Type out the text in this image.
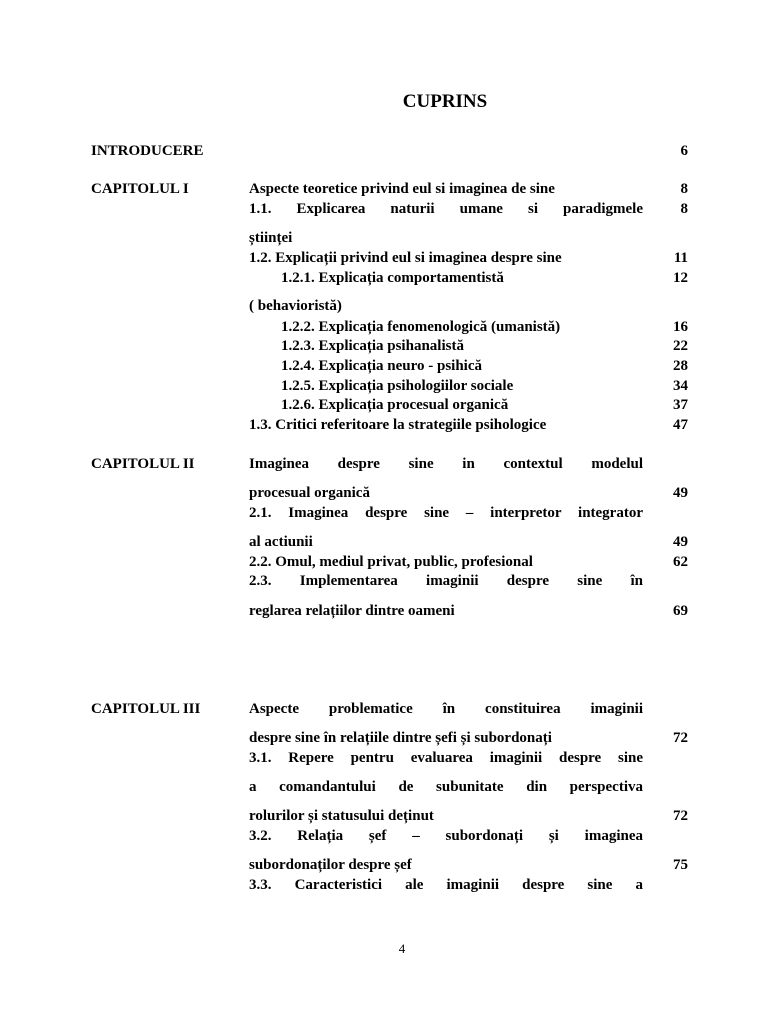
CUPRINS
INTRODUCERE	6
CAPITOLUL I	Aspecte teoretice privind eul si imaginea de sine	8
1.1. Explicarea naturii umane si paradigmele	8
științei
1.2. Explicații privind eul si imaginea despre sine	11
1.2.1. Explicația comportamentistă	12
( behavioristă)
1.2.2. Explicația fenomenologică (umanistă)	16
1.2.3. Explicația psihanalistă	22
1.2.4. Explicația neuro - psihică	28
1.2.5. Explicația psihologiilor sociale	34
1.2.6. Explicația procesual organică	37
1.3. Critici referitoare la strategiile psihologice	47
CAPITOLUL II	Imaginea despre sine in contextul modelul
procesual organică	49
2.1. Imaginea despre sine – interpretor integrator
al actiunii	49
2.2. Omul, mediul privat, public, profesional	62
2.3. Implementarea imaginii despre sine în
reglarea relațiilor dintre oameni	69
CAPITOLUL III	Aspecte problematice în constituirea imaginii
despre sine în relațiile dintre șefi și subordonați	72
3.1. Repere pentru evaluarea imaginii despre sine
a comandantului de subunitate din perspectiva
rolurilor și statusului deținut	72
3.2. Relația șef – subordonați și imaginea
subordonaților despre șef	75
3.3. Caracteristici ale imaginii despre sine a
4
